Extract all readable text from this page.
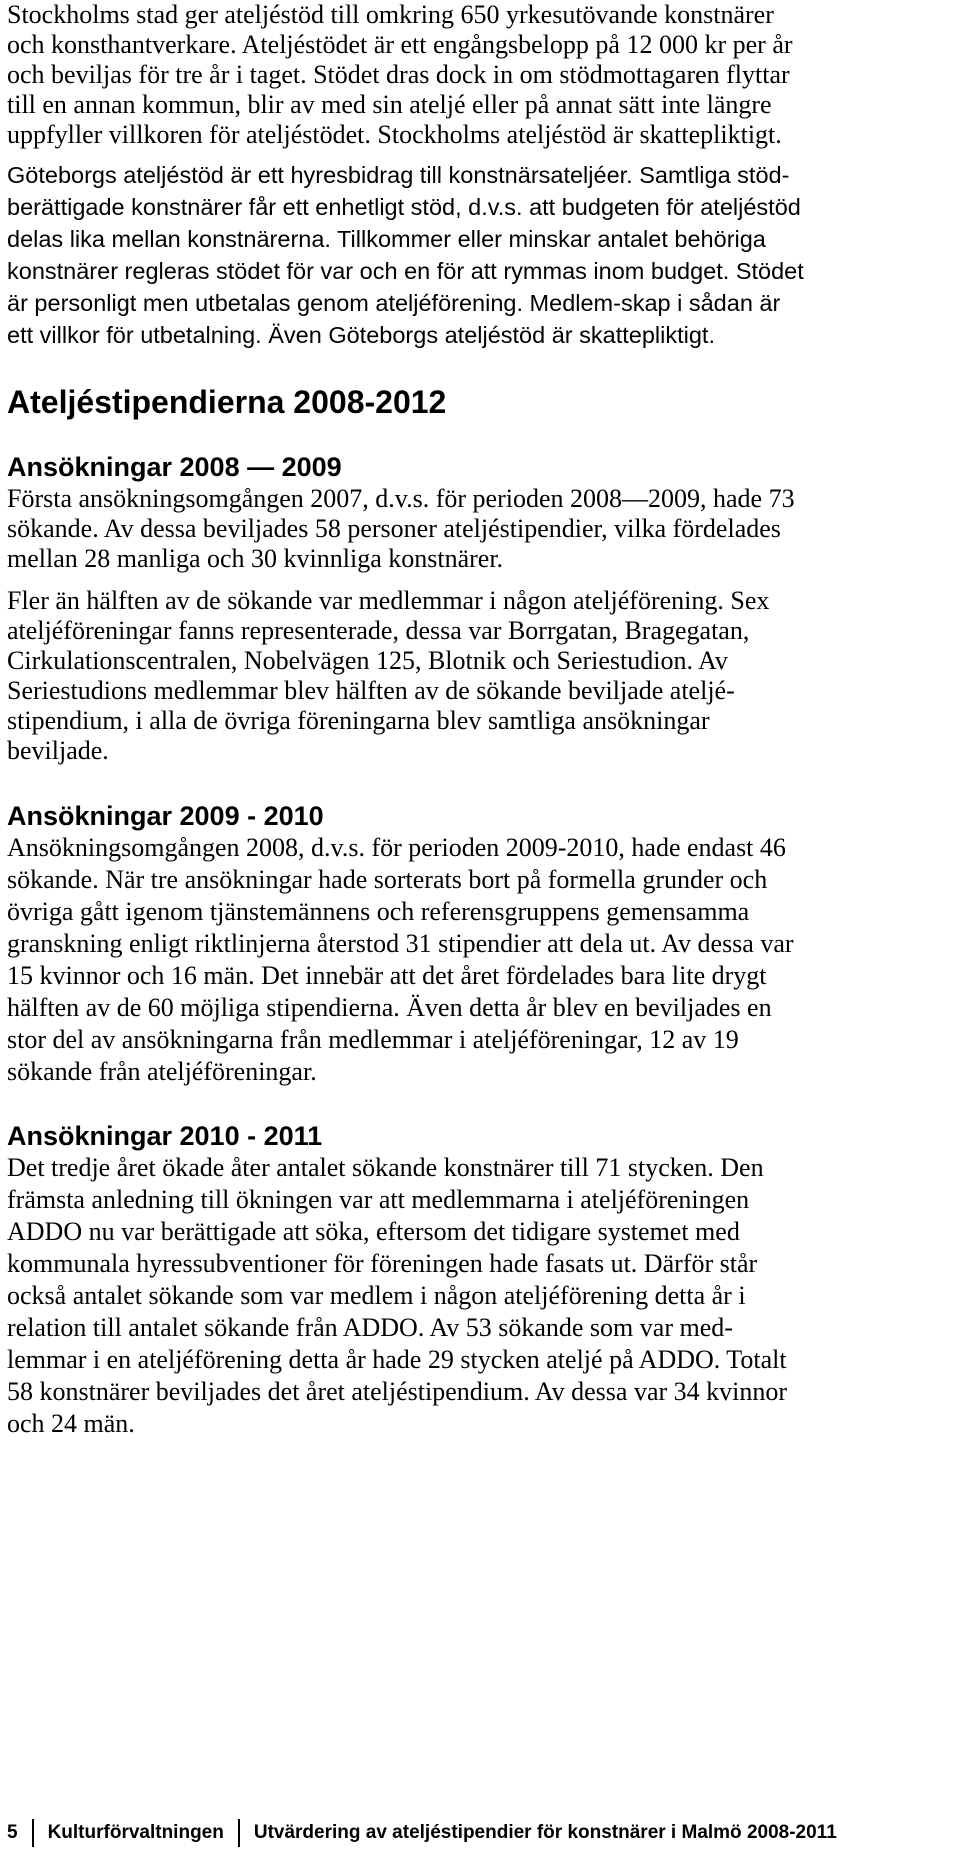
Stockholms stad ger ateljéstöd till omkring 650 yrkesutövande konstnärer
och konsthantverkare. Ateljéstödet är ett engångsbelopp på 12 000 kr per år
och beviljas för tre år i taget. Stödet dras dock in om stödmottagaren flyttar
till en annan kommun, blir av med sin ateljé eller på annat sätt inte längre
uppfyller villkoren för ateljéstödet. Stockholms ateljéstöd är skattepliktigt.
Göteborgs ateljéstöd är ett hyresbidrag till konstnärsateljéer. Samtliga stöd-
berättigade konstnärer får ett enhetligt stöd, d.v.s. att budgeten för ateljéstöd
delas lika mellan konstnärerna. Tillkommer eller minskar antalet behöriga
konstnärer regleras stödet för var och en för att rymmas inom budget. Stödet
är personligt men utbetalas genom ateljéförening. Medlem-skap i sådan är
ett villkor för utbetalning. Även Göteborgs ateljéstöd är skattepliktigt.
Ateljéstipendierna 2008-2012
Ansökningar 2008 — 2009
Första ansökningsomgången 2007, d.v.s. för perioden 2008—2009, hade 73
sökande. Av dessa beviljades 58 personer ateljéstipendier, vilka fördelades
mellan 28 manliga och 30 kvinnliga konstnärer.
Fler än hälften av de sökande var medlemmar i någon ateljéförening. Sex
ateljéföreningar fanns representerade, dessa var Borrgatan, Bragegatan,
Cirkulationscentralen, Nobelvägen 125, Blotnik och Seriestudion. Av
Seriestudions medlemmar blev hälften av de sökande beviljade ateljé-
stipendium, i alla de övriga föreningarna blev samtliga ansökningar
beviljade.
Ansökningar 2009 - 2010
Ansökningsomgången 2008, d.v.s. för perioden 2009-2010, hade endast 46
sökande. När tre ansökningar hade sorterats bort på formella grunder och
övriga gått igenom tjänstemännens och referensgruppens gemensamma
granskning enligt riktlinjerna återstod 31 stipendier att dela ut. Av dessa var
15 kvinnor och 16 män. Det innebär att det året fördelades bara lite drygt
hälften av de 60 möjliga stipendierna. Även detta år blev en beviljades en
stor del av ansökningarna från medlemmar i ateljéföreningar, 12 av 19
sökande från ateljéföreningar.
Ansökningar 2010 - 2011
Det tredje året ökade åter antalet sökande konstnärer till 71 stycken. Den
främsta anledning till ökningen var att medlemmarna i ateljéföreningen
ADDO nu var berättigade att söka, eftersom det tidigare systemet med
kommunala hyressubventioner för föreningen hade fasats ut. Därför står
också antalet sökande som var medlem i någon ateljéförening detta år i
relation till antalet sökande från ADDO. Av 53 sökande som var med-
lemmar i en ateljéförening detta år hade 29 stycken ateljé på ADDO. Totalt
58 konstnärer beviljades det året ateljéstipendium. Av dessa var 34 kvinnor
och 24 män.
5 Kulturförvaltningen Utvärdering av ateljéstipendier för konstnärer i Malmö 2008-2011
